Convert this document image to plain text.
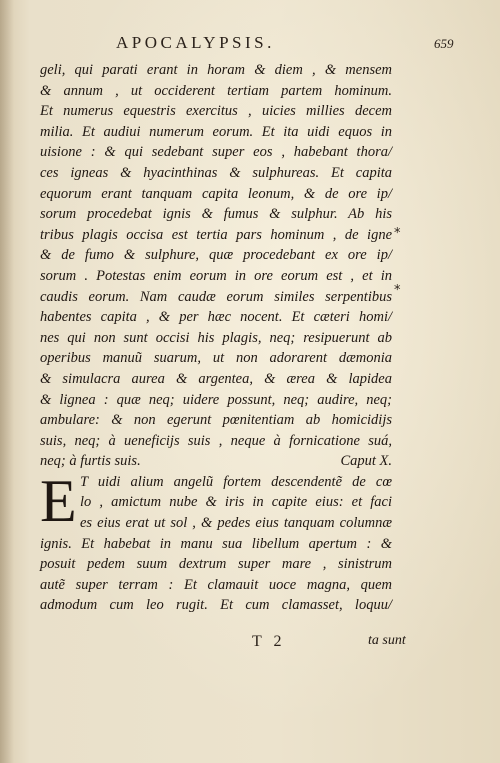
APOCALYPSIS.	659
geli, qui parati erant in horam & diem , & mensem
& annum , ut occiderent tertiam partem hominum.
Et numerus equestris exercitus , uicies millies decem
milia. Et audiui numerum eorum. Et ita uidi equos in
uisione : & qui sedebant super eos , habebant thora/
ces igneas & hyacinthinas & sulphureas. Et capita
equorum erant tanquam capita leonum, & de ore ip/
sorum procedebat ignis & fumus & sulphur. Ab his
tribus plagis occisa est tertia pars hominum , de igne
& de fumo & sulphure, quæ procedebant ex ore ip/
sorum . Potestas enim eorum in ore eorum est , et in
caudis eorum. Nam caudæ eorum similes serpentibus
habentes capita , & per hæc nocent. Et cæteri homi/
nes qui non sunt occisi his plagis, neq; resipuerunt ab
operibus manuũ suarum, ut non adorarent dæmonia
& simulacra aurea & argentea, & ærea & lapidea
& lignea : quæ neq; uidere possunt, neq; audire, neq;
ambulare: & non egerunt pœnitentiam ab homicidijs
suis, neq; à ueneficijs suis , neque à fornicatione suá,
neq; à furtis suis.	Caput X.
E T uidi alium angelũ fortem descendentẽ de cœ
lo , amictum nube & iris in capite eius: et faci
es eius erat ut sol , & pedes eius tanquam columnæ
ignis. Et habebat in manu sua libellum apertum : &
posuit pedem suum dextrum super mare , sinistrum
autẽ super terram : Et clamauit uoce magna, quem
admodum cum leo rugit. Et cum clamasset, loquu/
*
*
T 2	ta sunt
